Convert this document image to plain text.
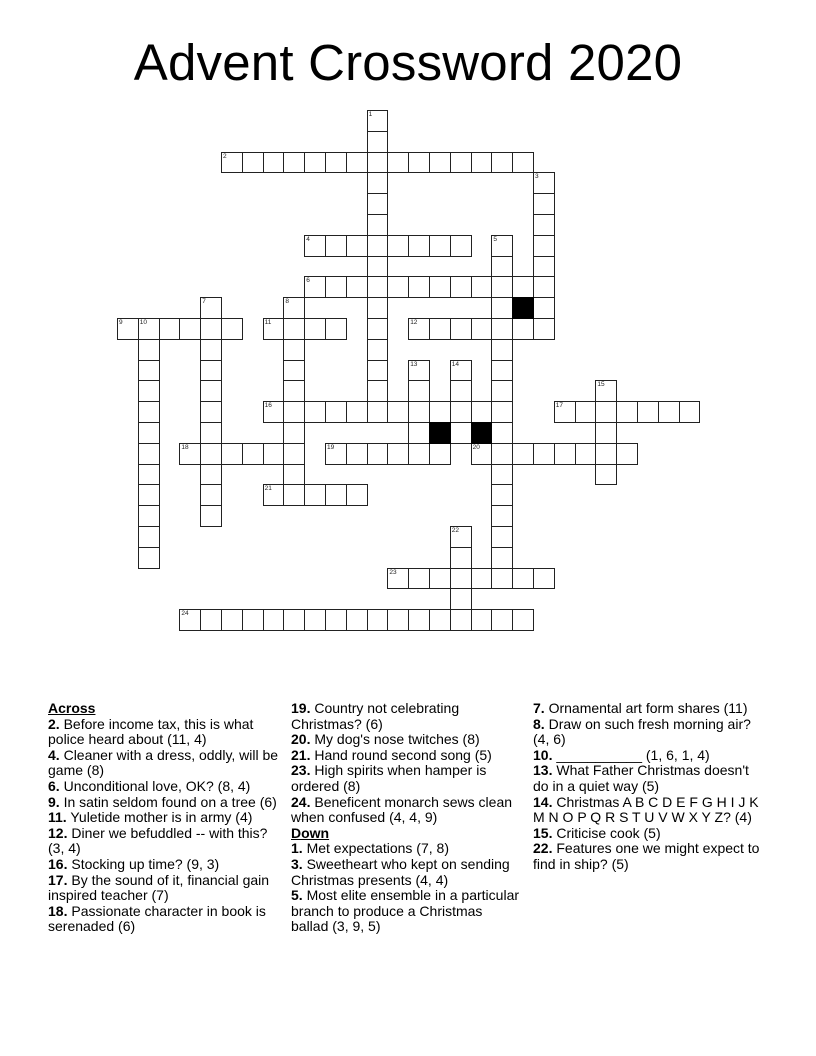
Advent Crossword 2020
1
2
3
4	5
6
7	8
9	10	11	12
13	14
15
16	17
18	19	20
21
22
23
24
Across
2. Before income tax, this is what police heard about (11, 4)
4. Cleaner with a dress, oddly, will be game (8)
6. Unconditional love, OK? (8, 4)
9. In satin seldom found on a tree (6)
11. Yuletide mother is in army (4)
12. Diner we befuddled -- with this? (3, 4)
16. Stocking up time? (9, 3)
17. By the sound of it, financial gain inspired teacher (7)
18. Passionate character in book is serenaded (6)
19. Country not celebrating Christmas? (6)
20. My dog's nose twitches (8)
21. Hand round second song (5)
23. High spirits when hamper is ordered (8)
24. Beneficent monarch sews clean when confused (4, 4, 9)
Down
1. Met expectations (7, 8)
3. Sweetheart who kept on sending Christmas presents (4, 4)
5. Most elite ensemble in a particular branch to produce a Christmas ballad (3, 9, 5)
7. Ornamental art form shares (11)
8. Draw on such fresh morning air? (4, 6)
10. ___________ (1, 6, 1, 4)
13. What Father Christmas doesn't do in a quiet way (5)
14. Christmas A B C D E F G H I J K M N O P Q R S T U V W X Y Z? (4)
15. Criticise cook (5)
22. Features one we might expect to find in ship? (5)
